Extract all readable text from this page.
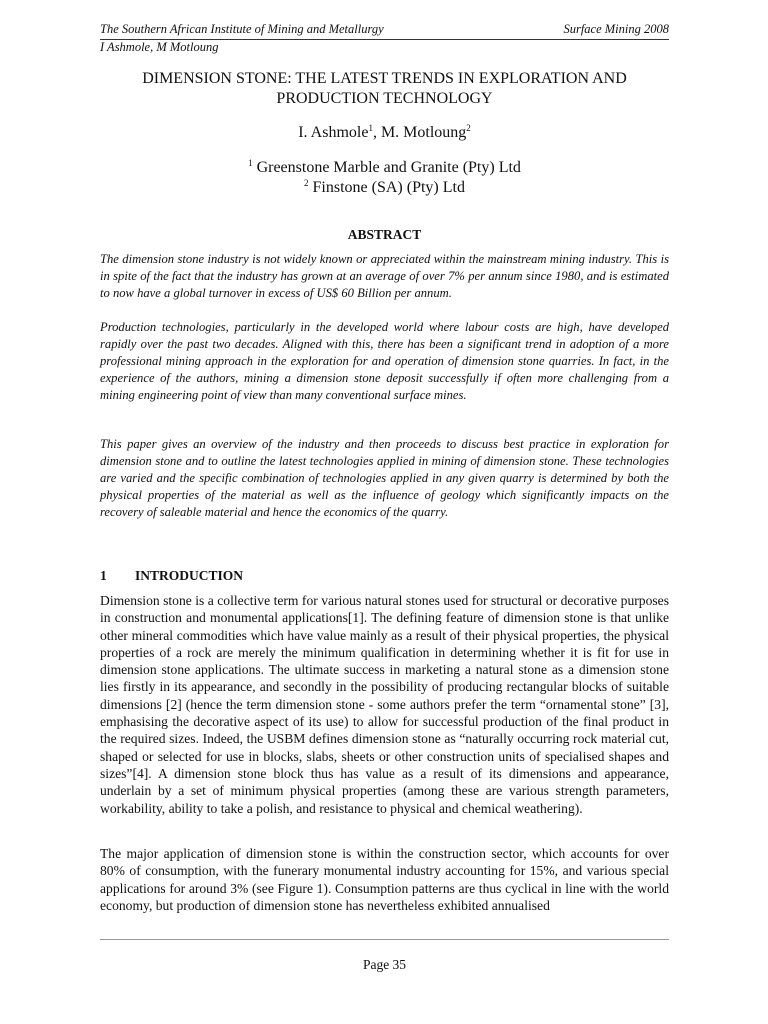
The Southern African Institute of Mining and Metallurgy	Surface Mining 2008
I Ashmole, M Motloung
DIMENSION STONE: THE LATEST TRENDS IN EXPLORATION AND
PRODUCTION TECHNOLOGY
I. Ashmole$^1$, M. Motloung$^2$
$^1$ Greenstone Marble and Granite (Pty) Ltd
$^2$ Finstone (SA) (Pty) Ltd
ABSTRACT

The dimension stone industry is not widely known or appreciated within the mainstream mining industry. This is in spite of the fact that the industry has grown at an average of over 7% per annum since 1980, and is estimated to now have a global turnover in excess of US$ 60 Billion per annum.

Production technologies, particularly in the developed world where labour costs are high, have developed rapidly over the past two decades. Aligned with this, there has been a significant trend in adoption of a more professional mining approach in the exploration for and operation of dimension stone quarries. In fact, in the experience of the authors, mining a dimension stone deposit successfully if often more challenging from a mining engineering point of view than many conventional surface mines.

This paper gives an overview of the industry and then proceeds to discuss best practice in exploration for dimension stone and to outline the latest technologies applied in mining of dimension stone. These technologies are varied and the specific combination of technologies applied in any given quarry is determined by both the physical properties of the material as well as the influence of geology which significantly impacts on the recovery of saleable material and hence the economics of the quarry.

1 INTRODUCTION

Dimension stone is a collective term for various natural stones used for structural or decorative purposes in construction and monumental applications[1]. The defining feature of dimension stone is that unlike other mineral commodities which have value mainly as a result of their physical properties, the physical properties of a rock are merely the minimum qualification in determining whether it is fit for use in dimension stone applications. The ultimate success in marketing a natural stone as a dimension stone lies firstly in its appearance, and secondly in the possibility of producing rectangular blocks of suitable dimensions [2] (hence the term dimension stone - some authors prefer the term “ornamental stone” [3], emphasising the decorative aspect of its use) to allow for successful production of the final product in the required sizes. Indeed, the USBM defines dimension stone as “naturally occurring rock material cut, shaped or selected for use in blocks, slabs, sheets or other construction units of specialised shapes and sizes”[4]. A dimension stone block thus has value as a result of its dimensions and appearance, underlain by a set of minimum physical properties (among these are various strength parameters, workability, ability to take a polish, and resistance to physical and chemical weathering).

The major application of dimension stone is within the construction sector, which accounts for over 80% of consumption, with the funerary monumental industry accounting for 15%, and various special applications for around 3% (see Figure 1). Consumption patterns are thus cyclical in line with the world economy, but production of dimension stone has nevertheless exhibited annualised

Page 35
